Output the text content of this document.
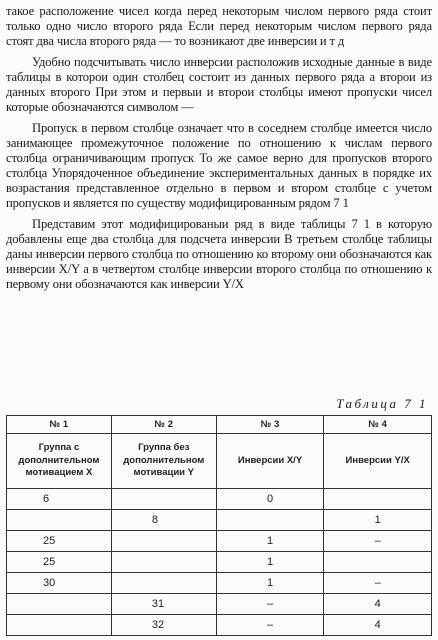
такое расположение чисел когда перед некоторым числом первого ряда стоит только одно число второго ряда Если перед некоторым числом первого ряда стоят два числа второго ряда — то возникают две инверсии и т д

Удобно подсчитывать число инверсии расположив исходные данные в виде таблицы в которои один столбец состоит из данных первого ряда а второи из данных второго При этом и первыи и второи столбцы имеют пропуски чисел которые обозначаются символом —

Пропуск в первом столбце означает что в соседнем столбце имеется число занимающее промежуточное положение по отношению к числам первого столбца ограничивающим пропуск То же самое верно для пропусков второго столбца Упорядоченное объединение экспериментальных данных в порядке их возрастания представленное отдельно в первом и втором столбце с учетом пропусков и является по существу модифицированным рядом 7 1

Представим этот модифицированыи ряд в виде таблицы 7 1 в которую добавлены еще два столбца для подсчета инверсии В третьем столбце таблицы даны инверсии первого столбца по отношению ко второму они обозначаются как инверсии X/Y а в четвертом столбце инверсии второго столбца по отношению к первому они обозначаются как инверсии Y/X

Таблица 7 1
№ 1	№ 2	№ 3	№ 4
Группа с дополнительном мотивацием X	Группа без дополнительном мотивации Y	Инверсии X/Y	Инверсии Y/X
6		0	
	8		1
25		1	–
25		1	
30		1	–
	31	–	4
	32	–	4
